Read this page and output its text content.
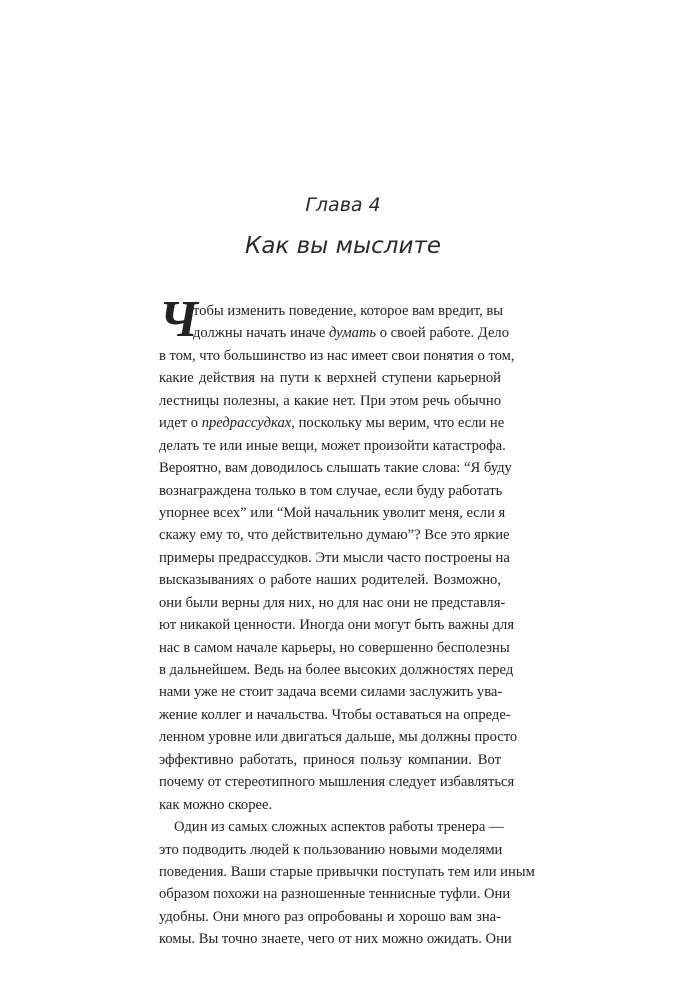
Глава 4
Как вы мыслите
Ч
тобы изменить поведение, которое вам вредит, вы
должны начать иначе думать о своей работе. Дело
в том, что большинство из нас имеет свои понятия о том,
какие действия на пути к верхней ступени карьерной
лестницы полезны, а какие нет. При этом речь обычно
идет о предрассудках, поскольку мы верим, что если не
делать те или иные вещи, может произойти катастрофа.
Вероятно, вам доводилось слышать такие слова: “Я буду
вознаграждена только в том случае, если буду работать
упорнее всех” или “Мой начальник уволит меня, если я
скажу ему то, что действительно думаю”? Все это яркие
примеры предрассудков. Эти мысли часто построены на
высказываниях о работе наших родителей. Возможно,
они были верны для них, но для нас они не представля-
ют никакой ценности. Иногда они могут быть важны для
нас в самом начале карьеры, но совершенно бесполезны
в дальнейшем. Ведь на более высоких должностях перед
нами уже не стоит задача всеми силами заслужить ува-
жение коллег и начальства. Чтобы оставаться на опреде-
ленном уровне или двигаться дальше, мы должны просто
эффективно работать, принося пользу компании. Вот
почему от стереотипного мышления следует избавляться
как можно скорее.
Один из самых сложных аспектов работы тренера —
это подводить людей к пользованию новыми моделями
поведения. Ваши старые привычки поступать тем или иным
образом похожи на разношенные теннисные туфли. Они
удобны. Они много раз опробованы и хорошо вам зна-
комы. Вы точно знаете, чего от них можно ожидать. Они
